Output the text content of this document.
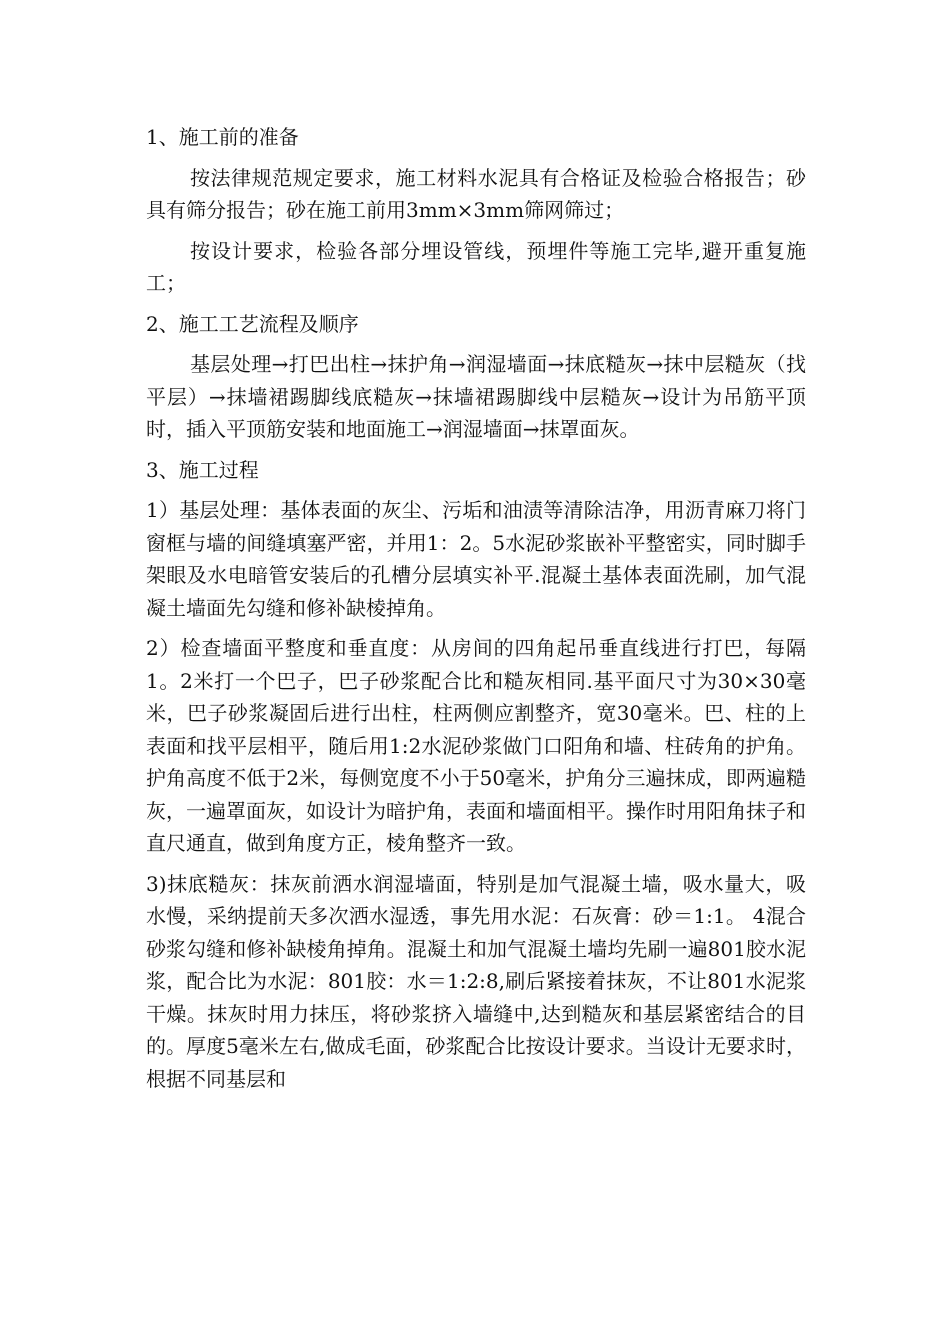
1、施工前的准备

按法律规范规定要求，施工材料水泥具有合格证及检验合格报告；砂具有筛分报告；砂在施工前用3mm×3mm筛网筛过；

按设计要求，检验各部分埋设管线，预埋件等施工完毕,避开重复施工；

2、施工工艺流程及顺序

基层处理→打巴出柱→抹护角→润湿墙面→抹底糙灰→抹中层糙灰（找平层）→抹墙裙踢脚线底糙灰→抹墙裙踢脚线中层糙灰→设计为吊筋平顶时，插入平顶筋安装和地面施工→润湿墙面→抹罩面灰。

3、施工过程

1）基层处理：基体表面的灰尘、污垢和油渍等清除洁净，用沥青麻刀将门窗框与墙的间缝填塞严密，并用1：2。5水泥砂浆嵌补平整密实，同时脚手架眼及水电暗管安装后的孔槽分层填实补平.混凝土基体表面洗刷，加气混凝土墙面先勾缝和修补缺棱掉角。

2）检查墙面平整度和垂直度：从房间的四角起吊垂直线进行打巴，每隔1。2米打一个巴子，巴子砂浆配合比和糙灰相同.基平面尺寸为30×30毫米，巴子砂浆凝固后进行出柱，柱两侧应割整齐，宽30毫米。巴、柱的上表面和找平层相平，随后用1:2水泥砂浆做门口阳角和墙、柱砖角的护角。护角高度不低于2米，每侧宽度不小于50毫米，护角分三遍抹成，即两遍糙灰，一遍罩面灰，如设计为暗护角，表面和墙面相平。操作时用阳角抹子和直尺通直，做到角度方正，棱角整齐一致。

3)抹底糙灰：抹灰前洒水润湿墙面，特别是加气混凝土墙，吸水量大，吸水慢，采纳提前天多次洒水湿透，事先用水泥：石灰膏：砂＝1:1。 4混合砂浆勾缝和修补缺棱角掉角。混凝土和加气混凝土墙均先刷一遍801胶水泥浆，配合比为水泥：801胶：水＝1:2:8,刷后紧接着抹灰，不让801水泥浆干燥。抹灰时用力抹压，将砂浆挤入墙缝中,达到糙灰和基层紧密结合的目的。厚度5毫米左右,做成毛面，砂浆配合比按设计要求。当设计无要求时，根据不同基层和
